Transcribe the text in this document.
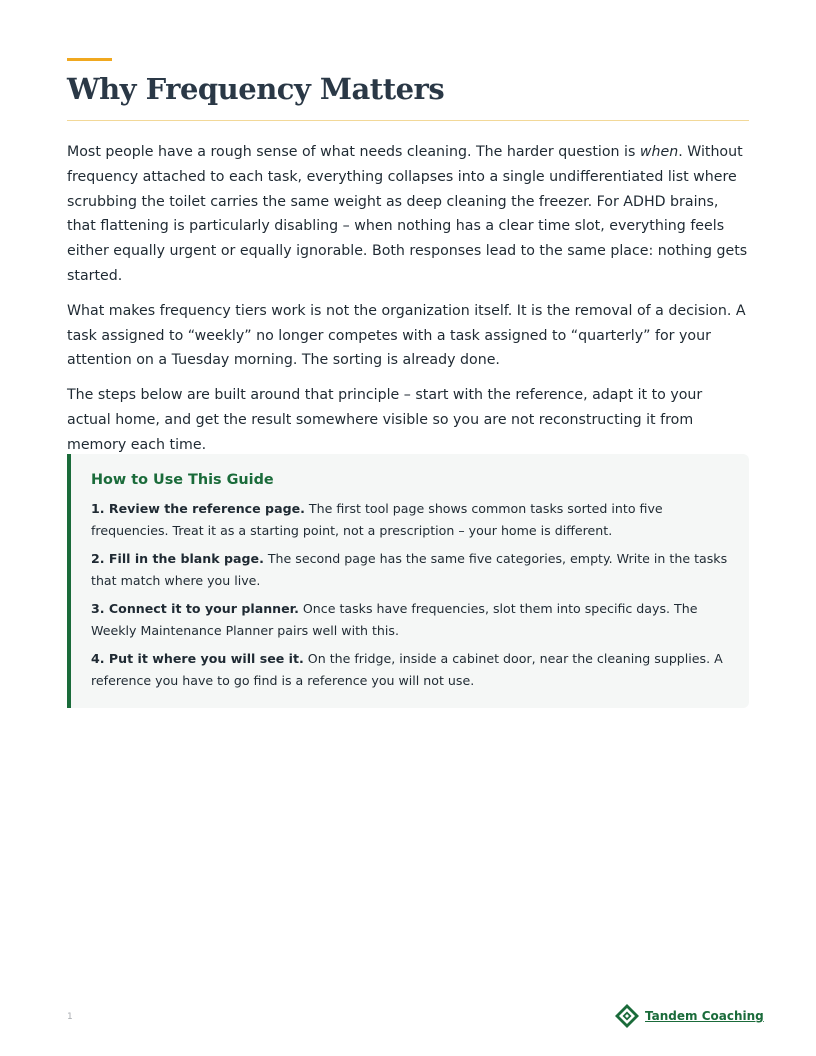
Why Frequency Matters

Most people have a rough sense of what needs cleaning. The harder question is when. Without frequency attached to each task, everything collapses into a single undifferentiated list where scrubbing the toilet carries the same weight as deep cleaning the freezer. For ADHD brains, that flattening is particularly disabling – when nothing has a clear time slot, everything feels either equally urgent or equally ignorable. Both responses lead to the same place: nothing gets started.

What makes frequency tiers work is not the organization itself. It is the removal of a decision. A task assigned to “weekly” no longer competes with a task assigned to “quarterly” for your attention on a Tuesday morning. The sorting is already done.

The steps below are built around that principle – start with the reference, adapt it to your actual home, and get the result somewhere visible so you are not reconstructing it from memory each time.

How to Use This Guide

1. Review the reference page. The first tool page shows common tasks sorted into five frequencies. Treat it as a starting point, not a prescription – your home is different.

2. Fill in the blank page. The second page has the same five categories, empty. Write in the tasks that match where you live.

3. Connect it to your planner. Once tasks have frequencies, slot them into specific days. The Weekly Maintenance Planner pairs well with this.

4. Put it where you will see it. On the fridge, inside a cabinet door, near the cleaning supplies. A reference you have to go find is a reference you will not use.

1	Tandem Coaching
